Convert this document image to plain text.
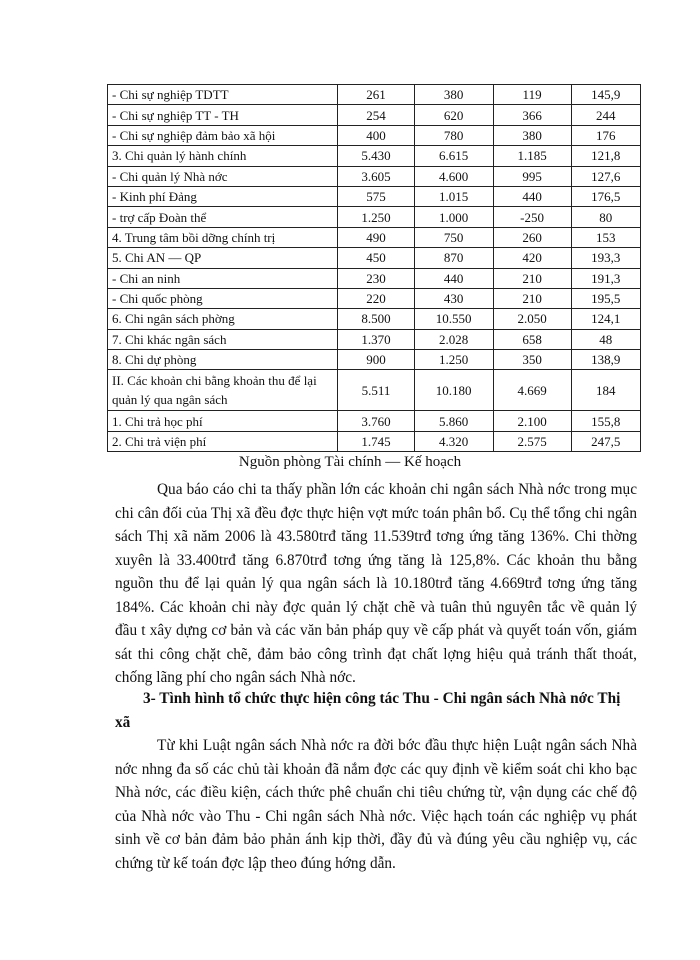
- Chi sự nghiệp TDTT	261	380	119	145,9
- Chi sự nghiệp TT - TH	254	620	366	244
- Chi sự nghiệp đảm bảo xã hội	400	780	380	176
3. Chi quản lý hành chính	5.430	6.615	1.185	121,8
- Chi quản lý Nhà nớc	3.605	4.600	995	127,6
- Kinh phí Đảng	575	1.015	440	176,5
- trợ cấp Đoàn thể	1.250	1.000	-250	80
4. Trung tâm bồi dỡng chính trị	490	750	260	153
5. Chi AN — QP	450	870	420	193,3
- Chi an ninh	230	440	210	191,3
- Chi quốc phòng	220	430	210	195,5
6. Chi ngân sách phờng	8.500	10.550	2.050	124,1
7. Chi khác ngân sách	1.370	2.028	658	48
8. Chi dự phòng	900	1.250	350	138,9
II. Các khoản chi bằng khoản thu để lại quản lý qua ngân sách	5.511	10.180	4.669	184
1. Chi trả học phí	3.760	5.860	2.100	155,8
2. Chi trả viện phí	1.745	4.320	2.575	247,5
Nguồn phòng Tài chính — Kế hoạch
Qua báo cáo chi ta thấy phần lớn các khoản chi ngân sách Nhà nớc trong mục chi cân đối của Thị xã đều đợc thực hiện vợt mức toán phân bổ. Cụ thể tổng chi ngân sách Thị xã năm 2006 là 43.580trđ tăng 11.539trđ tơng ứng tăng 136%. Chi thờng xuyên là 33.400trđ tăng 6.870trđ tơng ứng tăng là 125,8%. Các khoản thu bằng nguồn thu để lại quản lý qua ngân sách là 10.180trđ tăng 4.669trđ tơng ứng tăng 184%. Các khoản chi này đợc quản lý chặt chẽ và tuân thủ nguyên tắc về quản lý đầu t xây dựng cơ bản và các văn bản pháp quy về cấp phát và quyết toán vốn, giám sát thi công chặt chẽ, đảm bảo công trình đạt chất lợng hiệu quả tránh thất thoát, chống lãng phí cho ngân sách Nhà nớc.
3- Tình hình tổ chức thực hiện công tác Thu - Chi ngân sách Nhà nớc Thị xã
Từ khi Luật ngân sách Nhà nớc ra đời bớc đầu thực hiện Luật ngân sách Nhà nớc nhng đa số các chủ tài khoản đã nắm đợc các quy định về kiểm soát chi kho bạc Nhà nớc, các điều kiện, cách thức phê chuẩn chi tiêu chứng từ, vận dụng các chế độ của Nhà nớc vào Thu - Chi ngân sách Nhà nớc. Việc hạch toán các nghiệp vụ phát sinh về cơ bản đảm bảo phản ánh kịp thời, đầy đủ và đúng yêu cầu nghiệp vụ, các chứng từ kế toán đợc lập theo đúng hớng dẫn.
